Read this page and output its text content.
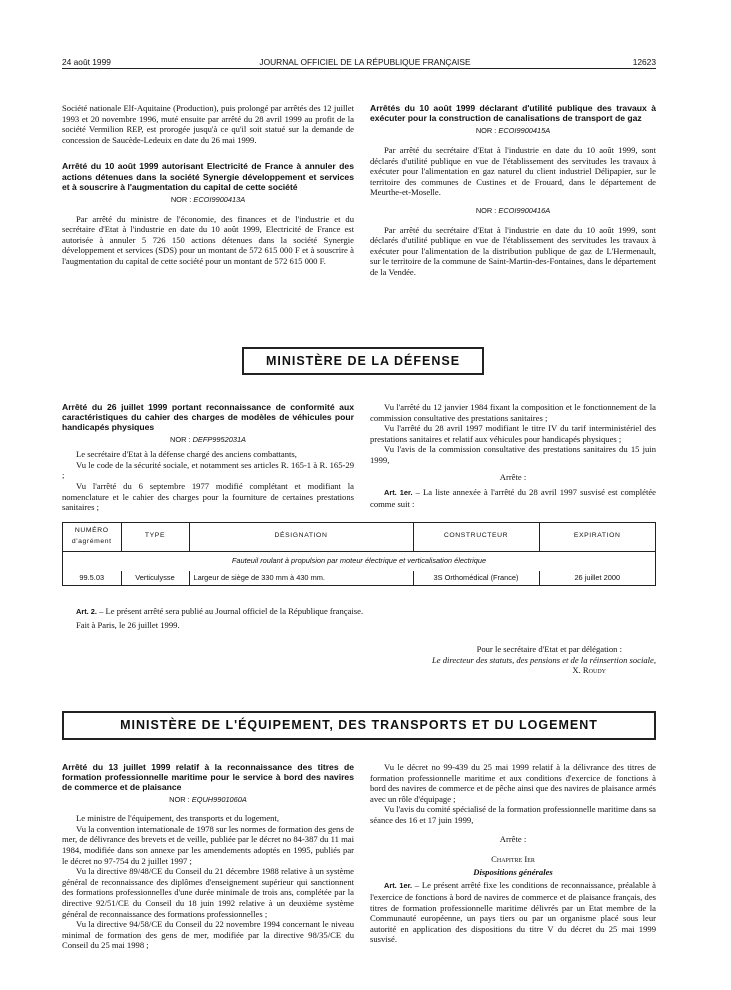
24 août 1999	JOURNAL OFFICIEL DE LA RÉPUBLIQUE FRANÇAISE	12623

Société nationale Elf-Aquitaine (Production), puis prolongé par arrêtés des 12 juillet 1993 et 20 novembre 1996, muté ensuite par arrêté du 28 avril 1999 au profit de la société Vermilion REP, est prorogée jusqu'à ce qu'il soit statué sur la demande de concession de Saucède-Ledeuix en date du 26 mai 1999.

Arrêté du 10 août 1999 autorisant Electricité de France à annuler des actions détenues dans la société Synergie développement et services et à souscrire à l'augmentation du capital de cette société

NOR : ECOI9900413A

Par arrêté du ministre de l'économie, des finances et de l'industrie et du secrétaire d'Etat à l'industrie en date du 10 août 1999, Electricité de France est autorisée à annuler 5 726 150 actions détenues dans la société Synergie développement et services (SDS) pour un montant de 572 615 000 F et à souscrire à l'augmentation du capital de cette société pour un montant de 572 615 000 F.

Arrêtés du 10 août 1999 déclarant d'utilité publique des travaux à exécuter pour la construction de canalisations de transport de gaz

NOR : ECOI9900415A

Par arrêté du secrétaire d'Etat à l'industrie en date du 10 août 1999, sont déclarés d'utilité publique en vue de l'établissement des servitudes les travaux à exécuter pour l'alimentation en gaz naturel du client industriel Délipapier, sur le territoire des communes de Custines et de Frouard, dans le département de Meurthe-et-Moselle.

NOR : ECOI9900416A

Par arrêté du secrétaire d'Etat à l'industrie en date du 10 août 1999, sont déclarés d'utilité publique en vue de l'établissement des servitudes les travaux à exécuter pour l'alimentation de la distribution publique de gaz de L'Hermenault, sur le territoire de la commune de Saint-Martin-des-Fontaines, dans le département de la Vendée.

MINISTÈRE DE LA DÉFENSE

Arrêté du 26 juillet 1999 portant reconnaissance de conformité aux caractéristiques du cahier des charges de modèles de véhicules pour handicapés physiques

NOR : DEFP9952031A

Le secrétaire d'Etat à la défense chargé des anciens combattants,

Vu le code de la sécurité sociale, et notamment ses articles R. 165-1 à R. 165-29 ;

Vu l'arrêté du 6 septembre 1977 modifié complétant et modifiant la nomenclature et le cahier des charges pour la fourniture de certaines prestations sanitaires ;

Vu l'arrêté du 12 janvier 1984 fixant la composition et le fonctionnement de la commission consultative des prestations sanitaires ;

Vu l'arrêté du 28 avril 1997 modifiant le titre IV du tarif interministériel des prestations sanitaires et relatif aux véhicules pour handicapés physiques ;

Vu l'avis de la commission consultative des prestations sanitaires du 15 juin 1999,

Arrête :

Art. 1er. – La liste annexée à l'arrêté du 28 avril 1997 susvisé est complétée comme suit :

NUMÉRO d'agrément	TYPE	DÉSIGNATION	CONSTRUCTEUR	EXPIRATION
Fauteuil roulant à propulsion par moteur électrique et verticalisation électrique				
99.5.03	Verticulysse	Largeur de siège de 330 mm à 430 mm.	3S Orthomédical (France)	26 juillet 2000

Art. 2. – Le présent arrêté sera publié au Journal officiel de la République française.

Fait à Paris, le 26 juillet 1999.

Pour le secrétaire d'Etat et par délégation :

Le directeur des statuts, des pensions et de la réinsertion sociale,

X. Roudy

MINISTÈRE DE L'ÉQUIPEMENT, DES TRANSPORTS ET DU LOGEMENT

Arrêté du 13 juillet 1999 relatif à la reconnaissance des titres de formation professionnelle maritime pour le service à bord des navires de commerce et de plaisance

NOR : EQUH9901060A

Le ministre de l'équipement, des transports et du logement,

Vu la convention internationale de 1978 sur les normes de formation des gens de mer, de délivrance des brevets et de veille, publiée par le décret no 84-387 du 11 mai 1984, modifiée dans son annexe par les amendements adoptés en 1995, publiés par le décret no 97-754 du 2 juillet 1997 ;

Vu la directive 89/48/CE du Conseil du 21 décembre 1988 relative à un système général de reconnaissance des diplômes d'enseignement supérieur qui sanctionnent des formations professionnelles d'une durée minimale de trois ans, complétée par la directive 92/51/CE du Conseil du 18 juin 1992 relative à un deuxième système général de reconnaissance des formations professionnelles ;

Vu la directive 94/58/CE du Conseil du 22 novembre 1994 concernant le niveau minimal de formation des gens de mer, modifiée par la directive 98/35/CE du Conseil du 25 mai 1998 ;

Vu le décret no 99-439 du 25 mai 1999 relatif à la délivrance des titres de formation professionnelle maritime et aux conditions d'exercice de fonctions à bord des navires de commerce et de pêche ainsi que des navires de plaisance armés avec un rôle d'équipage ;

Vu l'avis du comité spécialisé de la formation professionnelle maritime dans sa séance des 16 et 17 juin 1999,

Arrête :

Chapitre Ier

Dispositions générales

Art. 1er. – Le présent arrêté fixe les conditions de reconnaissance, préalable à l'exercice de fonctions à bord de navires de commerce et de plaisance français, des titres de formation professionnelle maritime délivrés par un Etat membre de la Communauté européenne, un pays tiers ou par un organisme placé sous leur autorité en application des dispositions du titre V du décret du 25 mai 1999 susvisé.
